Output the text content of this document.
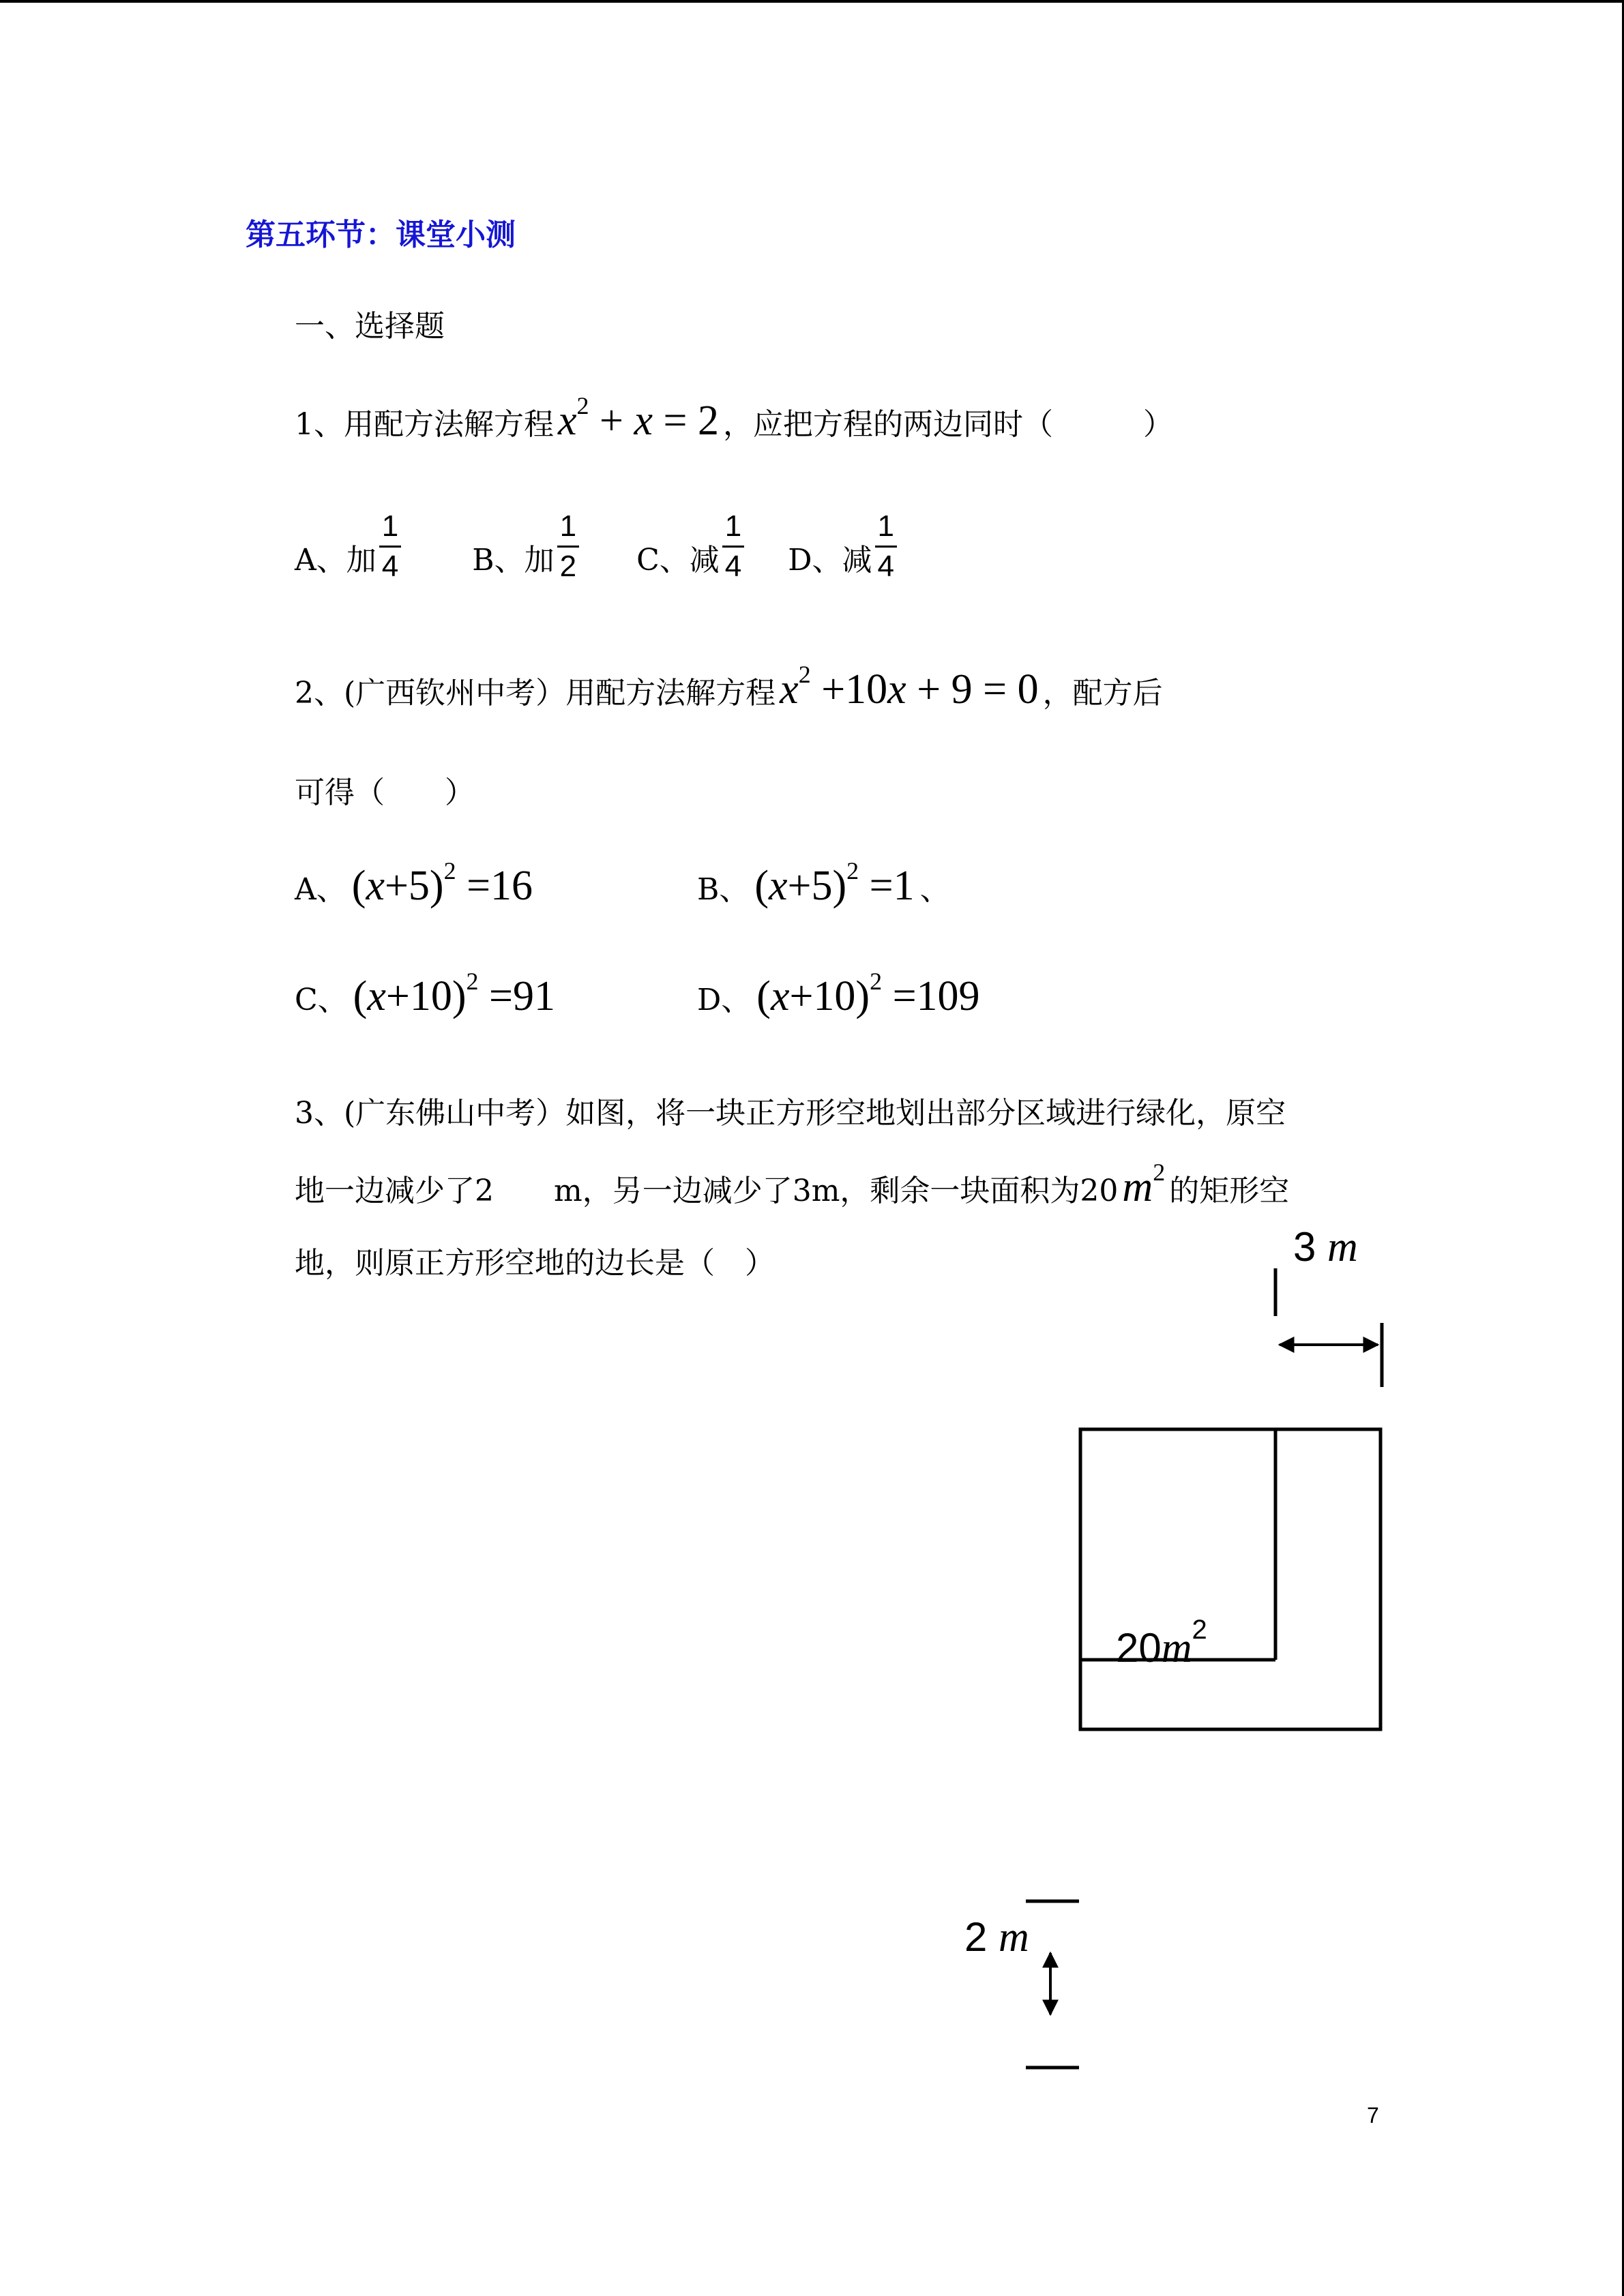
第五环节：课堂小测
一、选择题
1、用配方法解方程 $x^2 + x = 2$ ，应把方程的两边同时（　　　）
A、加 $\frac{1}{4}$ B、加 $\frac{1}{2}$ C、减 $\frac{1}{4}$ D、减 $\frac{1}{4}$
2、(广西钦州中考）用配方法解方程 $x^2 +10x + 9 = 0$ ，配方后
可得（　　）
A、 $(x+5)^2 =16$	B、 $(x+5)^2 =1$ 、
C、 $(x+10)^2 =91$	D、 $(x+10)^2 =109$
3、(广东佛山中考）如图，将一块正方形空地划出部分区域进行绿化，原空
地一边减少了2　　m，另一边减少了3m，剩余一块面积为20 $m^2$
的矩形空
地，则原正方形空地的边长是（　）	3 m
$20m^2$
2 m
7
